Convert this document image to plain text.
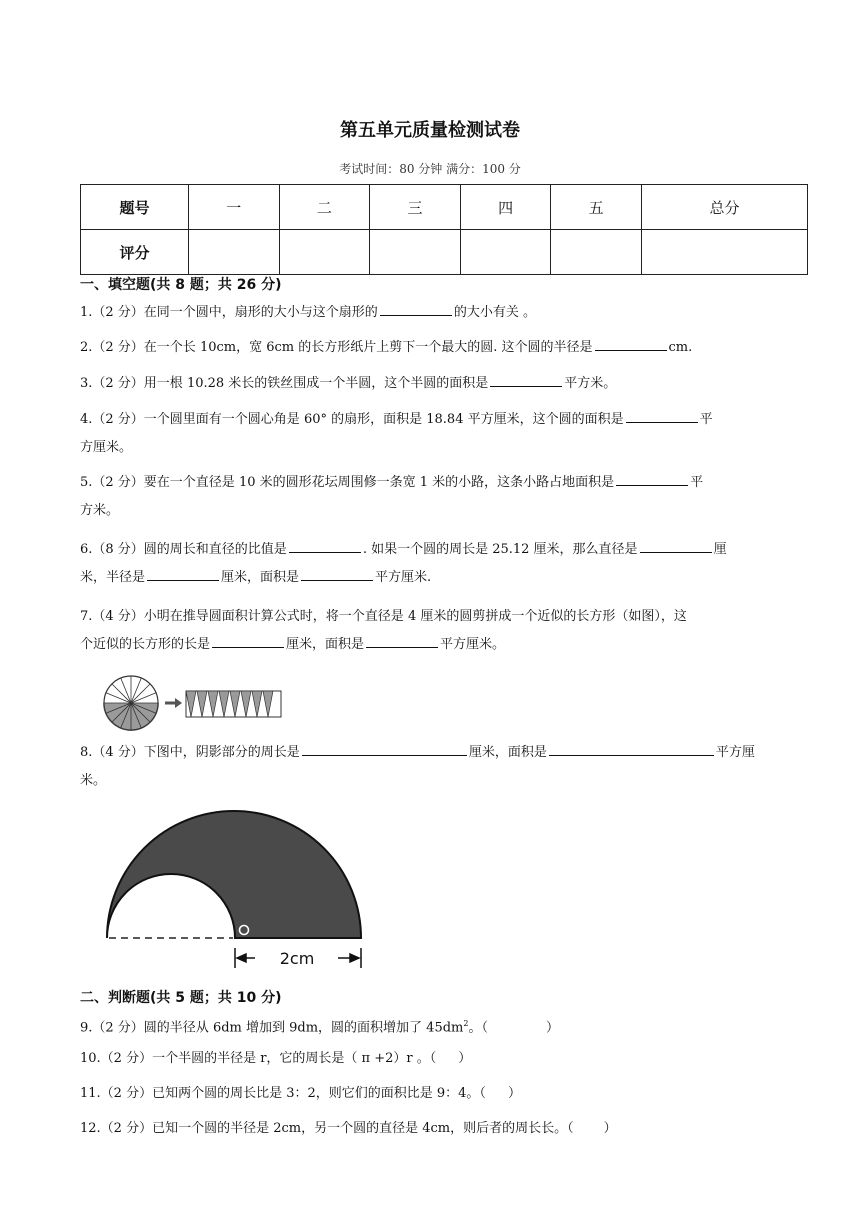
第五单元质量检测试卷
考试时间：80 分钟 满分：100 分
题号	一	二	三	四	五	总分
评分						
一、填空题(共 8 题；共 26 分)
1.（2 分）在同一个圆中，扇形的大小与这个扇形的	的大小有关 。
2.（2 分）在一个长 10cm，宽 6cm 的长方形纸片上剪下一个最大的圆. 这个圆的半径是	cm.
3.（2 分）用一根 10.28 米长的铁丝围成一个半圆，这个半圆的面积是	平方米。
4.（2 分）一个圆里面有一个圆心角是 60° 的扇形，面积是 18.84 平方厘米，这个圆的面积是	平
方厘米。
5.（2 分）要在一个直径是 10 米的圆形花坛周围修一条宽 1 米的小路，这条小路占地面积是	平
方米。
6.（8 分）圆的周长和直径的比值是	. 如果一个圆的周长是 25.12 厘米，那么直径是	厘
米，半径是	厘米，面积是	平方厘米.
7.（4 分）小明在推导圆面积计算公式时，将一个直径是 4 厘米的圆剪拼成一个近似的长方形（如图），这
个近似的长方形的长是	厘米，面积是	平方厘米。
8.（4 分）下图中，阴影部分的周长是	厘米，面积是	平方厘
米。
2cm
二、判断题(共 5 题；共 10 分)
9.（2 分）圆的半径从 6dm 增加到 9dm，圆的面积增加了 $45dm^2$。（	）
10.（2 分）一个半圆的半径是 r，它的周长是（ π +2）r 。（ ）
11.（2 分）已知两个圆的周长比是 3：2，则它们的面积比是 9：4。（ ）
12.（2 分）已知一个圆的半径是 2cm，另一个圆的直径是 4cm，则后者的周长长。（ ）
